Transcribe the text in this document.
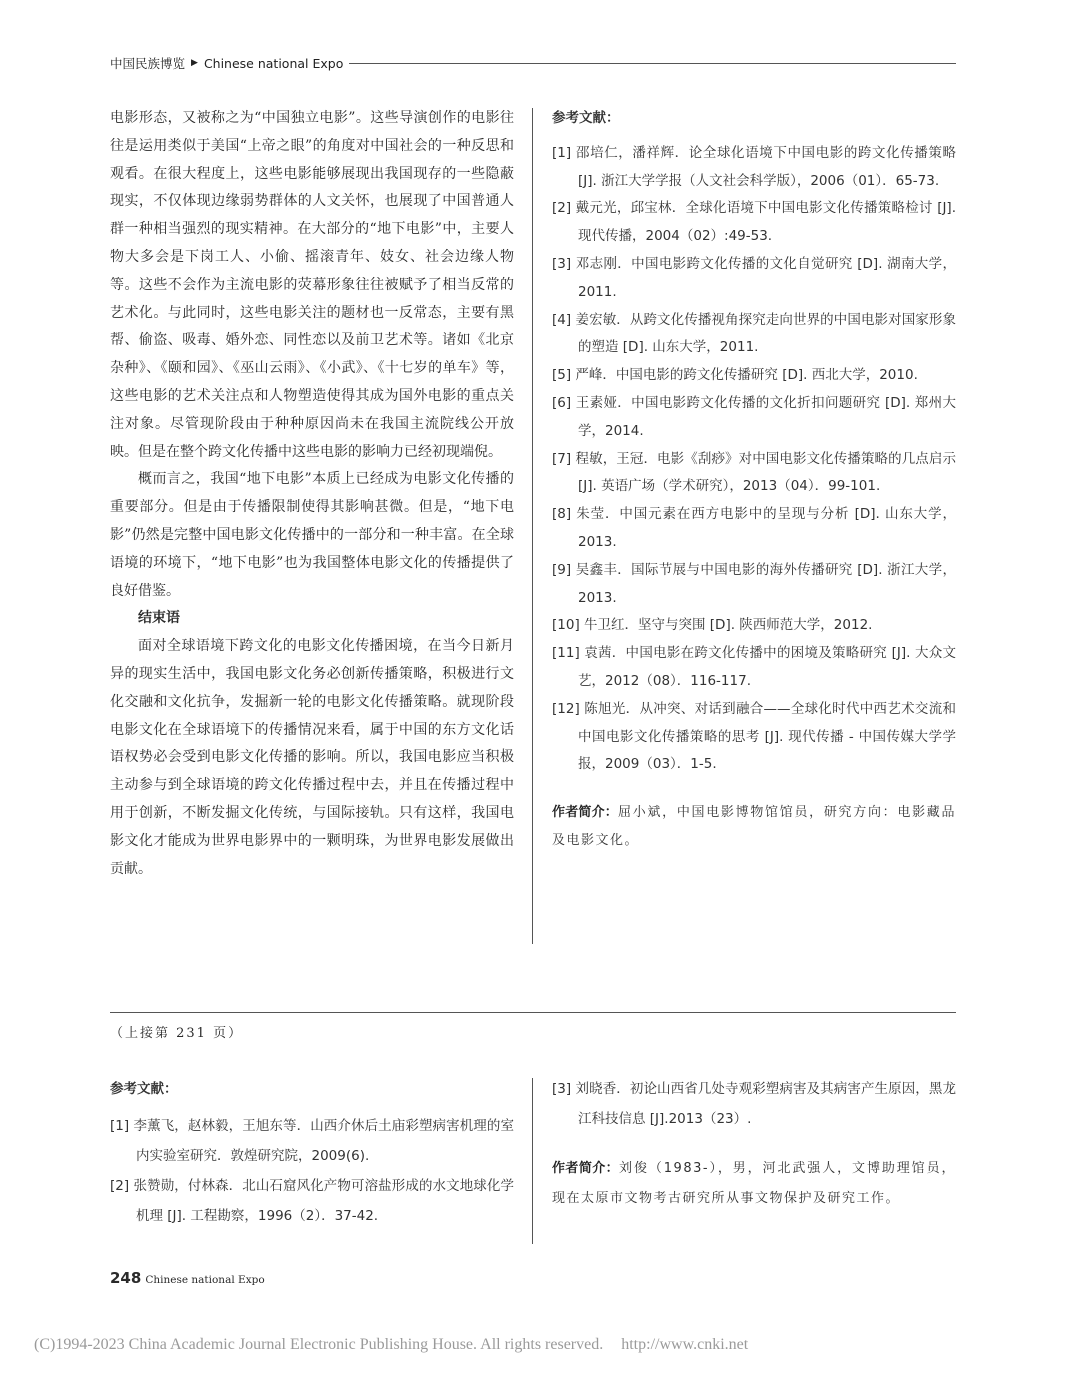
中国民族博览 ▶ Chinese national Expo

电影形态，又被称之为“中国独立电影”。这些导演创作的电影往往是运用类似于美国“上帝之眼”的角度对中国社会的一种反思和观看。在很大程度上，这些电影能够展现出我国现存的一些隐蔽现实，不仅体现边缘弱势群体的人文关怀，也展现了中国普通人群一种相当强烈的现实精神。在大部分的“地下电影”中，主要人物大多会是下岗工人、小偷、摇滚青年、妓女、社会边缘人物等。这些不会作为主流电影的荧幕形象往往被赋予了相当反常的艺术化。与此同时，这些电影关注的题材也一反常态，主要有黑帮、偷盗、吸毒、婚外恋、同性恋以及前卫艺术等。诸如《北京杂种》、《颐和园》、《巫山云雨》、《小武》、《十七岁的单车》等，这些电影的艺术关注点和人物塑造使得其成为国外电影的重点关注对象。尽管现阶段由于种种原因尚未在我国主流院线公开放映。但是在整个跨文化传播中这些电影的影响力已经初现端倪。

概而言之，我国“地下电影”本质上已经成为电影文化传播的重要部分。但是由于传播限制使得其影响甚微。但是，“地下电影”仍然是完整中国电影文化传播中的一部分和一种丰富。在全球语境的环境下，“地下电影”也为我国整体电影文化的传播提供了良好借鉴。

结束语

面对全球语境下跨文化的电影文化传播困境，在当今日新月异的现实生活中，我国电影文化务必创新传播策略，积极进行文化交融和文化抗争，发掘新一轮的电影文化传播策略。就现阶段电影文化在全球语境下的传播情况来看，属于中国的东方文化话语权势必会受到电影文化传播的影响。所以，我国电影应当积极主动参与到全球语境的跨文化传播过程中去，并且在传播过程中用于创新，不断发掘文化传统，与国际接轨。只有这样，我国电影文化才能成为世界电影界中的一颗明珠，为世界电影发展做出贡献。

参考文献：

[1] 邵培仁，潘祥辉．论全球化语境下中国电影的跨文化传播策略 [J]. 浙江大学学报（人文社会科学版），2006（01）．65-73.

[2] 戴元光，邱宝林．全球化语境下中国电影文化传播策略检讨 [J]. 现代传播，2004（02）:49-53.

[3] 邓志刚．中国电影跨文化传播的文化自觉研究 [D]. 湖南大学，2011.

[4] 姜宏敏．从跨文化传播视角探究走向世界的中国电影对国家形象的塑造 [D]. 山东大学，2011.

[5] 严峰．中国电影的跨文化传播研究 [D]. 西北大学，2010.

[6] 王素娅．中国电影跨文化传播的文化折扣问题研究 [D]. 郑州大学，2014.

[7] 程敏，王冠．电影《刮痧》对中国电影文化传播策略的几点启示 [J]. 英语广场（学术研究），2013（04）．99-101.

[8] 朱莹．中国元素在西方电影中的呈现与分析 [D]. 山东大学，2013.

[9] 吴鑫丰．国际节展与中国电影的海外传播研究 [D]. 浙江大学，2013.

[10] 牛卫红．坚守与突围 [D]. 陕西师范大学，2012.

[11] 袁茜．中国电影在跨文化传播中的困境及策略研究 [J]. 大众文艺，2012（08）．116-117.

[12] 陈旭光．从冲突、对话到融合——全球化时代中西艺术交流和中国电影文化传播策略的思考 [J]. 现代传播 - 中国传媒大学学报，2009（03）．1-5.

作者简介：屈小斌，中国电影博物馆馆员，研究方向：电影藏品及电影文化。

（上接第 231 页）

参考文献：

[1] 李薰飞，赵林毅，王旭东等．山西介休后土庙彩塑病害机理的室内实验室研究．敦煌研究院，2009(6).

[2] 张赞勋，付林森．北山石窟风化产物可溶盐形成的水文地球化学机理 [J]. 工程勘察，1996（2）．37-42.

[3] 刘晓香．初论山西省几处寺观彩塑病害及其病害产生原因，黑龙江科技信息 [J].2013（23）.

作者简介：刘俊（1983-），男，河北武强人，文博助理馆员，现在太原市文物考古研究所从事文物保护及研究工作。

248 Chinese national Expo
(C)1994-2023 China Academic Journal Electronic Publishing House. All rights reserved. http://www.cnki.net
